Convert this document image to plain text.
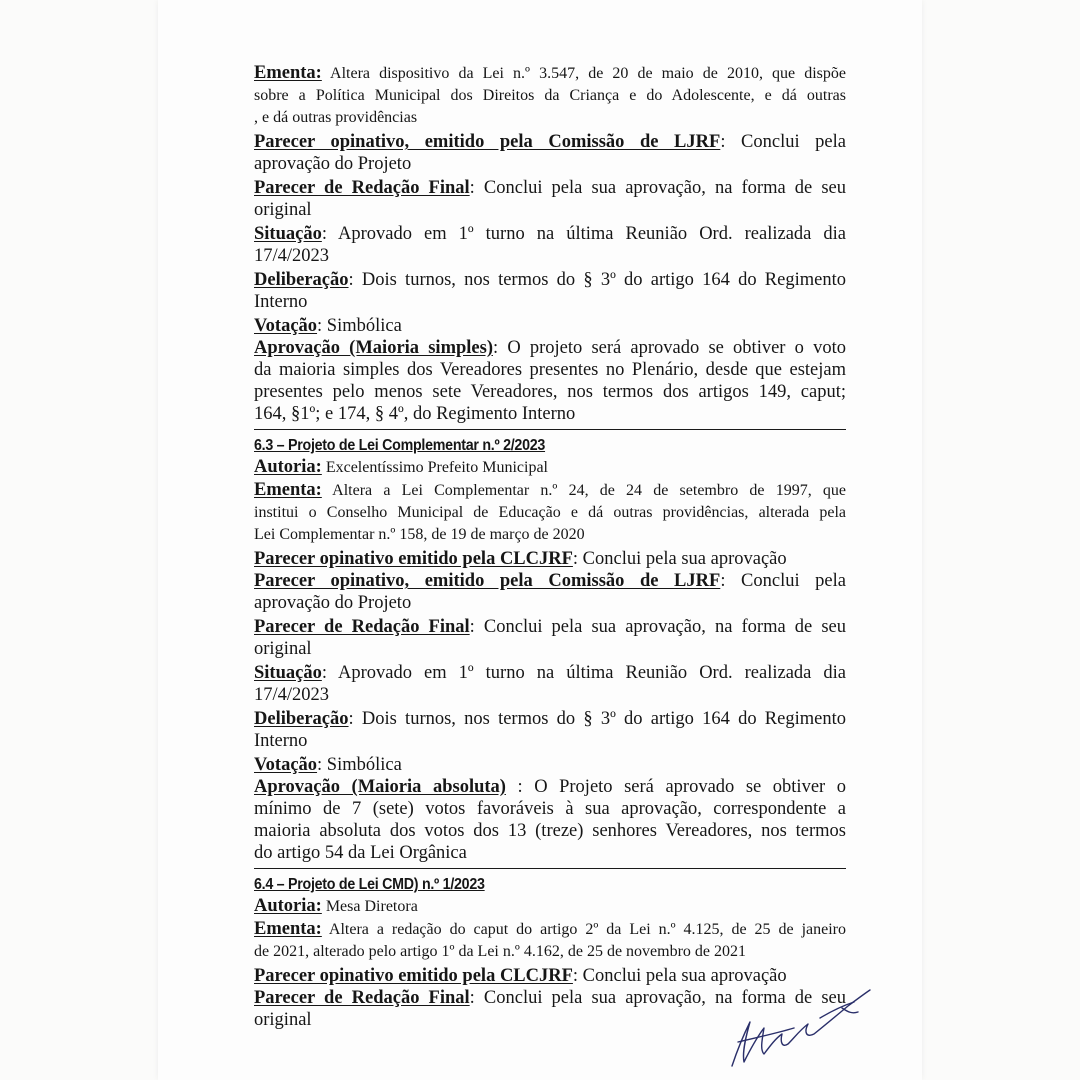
Ementa: Altera dispositivo da Lei n.º 3.547, de 20 de maio de 2010, que dispõe
sobre a Política Municipal dos Direitos da Criança e do Adolescente, e dá outras
, e dá outras providências
Parecer opinativo, emitido pela Comissão de LJRF: Conclui pela
aprovação do Projeto
Parecer de Redação Final: Conclui pela sua aprovação, na forma de seu
original
Situação: Aprovado em 1º turno na última Reunião Ord. realizada dia
17/4/2023
Deliberação: Dois turnos, nos termos do § 3º do artigo 164 do Regimento
Interno
Votação: Simbólica
Aprovação (Maioria simples): O projeto será aprovado se obtiver o voto
da maioria simples dos Vereadores presentes no Plenário, desde que estejam
presentes pelo menos sete Vereadores, nos termos dos artigos 149, caput;
164, §1º; e 174, § 4º, do Regimento Interno
6.3 – Projeto de Lei Complementar n.º 2/2023
Autoria: Excelentíssimo Prefeito Municipal
Ementa: Altera a Lei Complementar n.º 24, de 24 de setembro de 1997, que
institui o Conselho Municipal de Educação e dá outras providências, alterada pela
Lei Complementar n.º 158, de 19 de março de 2020
Parecer opinativo emitido pela CLCJRF: Conclui pela sua aprovação
Parecer opinativo, emitido pela Comissão de LJRF: Conclui pela
aprovação do Projeto
Parecer de Redação Final: Conclui pela sua aprovação, na forma de seu
original
Situação: Aprovado em 1º turno na última Reunião Ord. realizada dia
17/4/2023
Deliberação: Dois turnos, nos termos do § 3º do artigo 164 do Regimento
Interno
Votação: Simbólica
Aprovação (Maioria absoluta) : O Projeto será aprovado se obtiver o
mínimo de 7 (sete) votos favoráveis à sua aprovação, correspondente a
maioria absoluta dos votos dos 13 (treze) senhores Vereadores, nos termos
do artigo 54 da Lei Orgânica
6.4 – Projeto de Lei CMD) n.º 1/2023
Autoria: Mesa Diretora
Ementa: Altera a redação do caput do artigo 2º da Lei n.º 4.125, de 25 de janeiro
de 2021, alterado pelo artigo 1º da Lei n.º 4.162, de 25 de novembro de 2021
Parecer opinativo emitido pela CLCJRF: Conclui pela sua aprovação
Parecer de Redação Final: Conclui pela sua aprovação, na forma de seu
original
